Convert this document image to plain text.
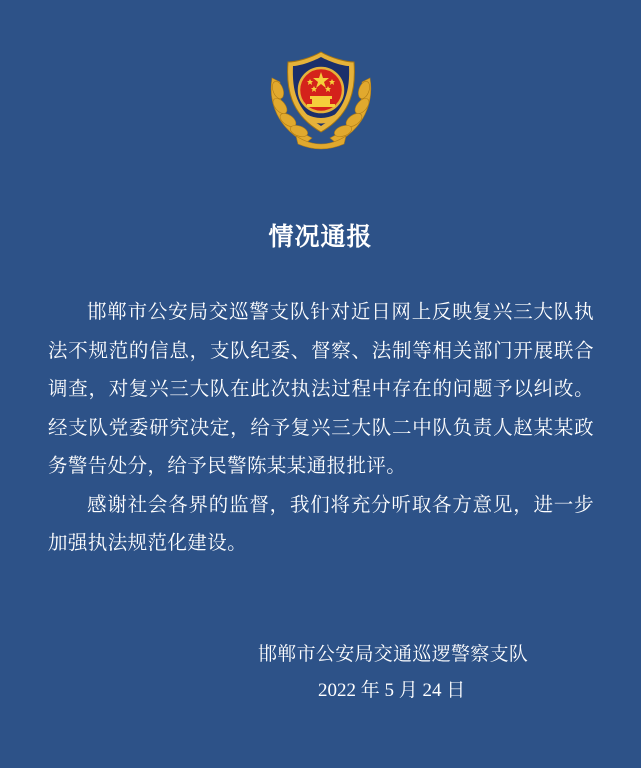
情况通报

邯郸市公安局交巡警支队针对近日网上反映复兴三大队执法不规范的信息，支队纪委、督察、法制等相关部门开展联合调查，对复兴三大队在此次执法过程中存在的问题予以纠改。经支队党委研究决定，给予复兴三大队二中队负责人赵某某政务警告处分，给予民警陈某某通报批评。

感谢社会各界的监督，我们将充分听取各方意见，进一步加强执法规范化建设。

邯郸市公安局交通巡逻警察支队
2022 年 5 月 24 日
